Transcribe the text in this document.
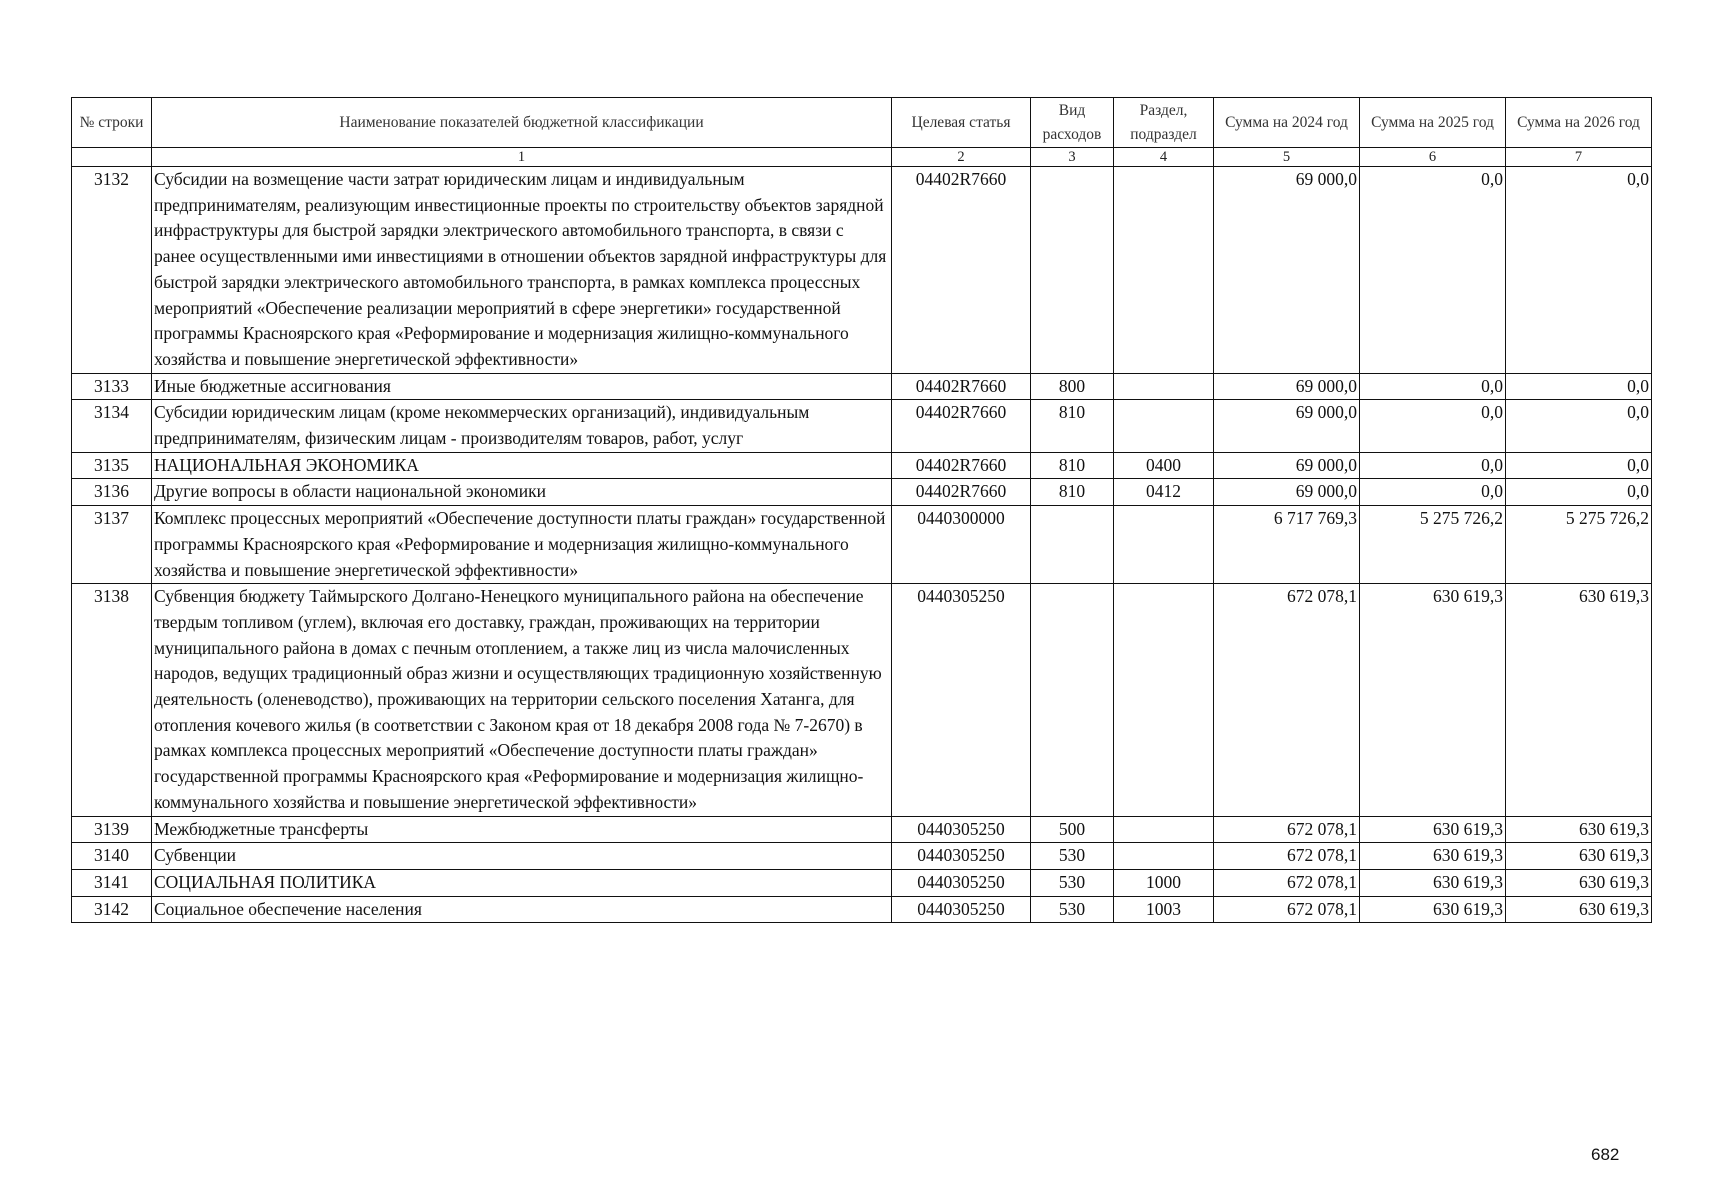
№ строки	Наименование показателей бюджетной классификации	Целевая статья	Вид расходов	Раздел, подраздел	Сумма на 2024 год	Сумма на 2025 год	Сумма на 2026 год
	1	2	3	4	5	6	7
3132	Субсидии на возмещение части затрат юридическим лицам и индивидуальным предпринимателям, реализующим инвестиционные проекты по строительству объектов зарядной инфраструктуры для быстрой зарядки электрического автомобильного транспорта, в связи с ранее осуществленными ими инвестициями в отношении объектов зарядной инфраструктуры для быстрой зарядки электрического автомобильного транспорта, в рамках комплекса процессных мероприятий «Обеспечение реализации мероприятий в сфере энергетики» государственной программы Красноярского края «Реформирование и модернизация жилищно-коммунального хозяйства и повышение энергетической эффективности»	04402R7660			69 000,0	0,0	0,0
3133	Иные бюджетные ассигнования	04402R7660	800		69 000,0	0,0	0,0
3134	Субсидии юридическим лицам (кроме некоммерческих организаций), индивидуальным предпринимателям, физическим лицам - производителям товаров, работ, услуг	04402R7660	810		69 000,0	0,0	0,0
3135	НАЦИОНАЛЬНАЯ ЭКОНОМИКА	04402R7660	810	0400	69 000,0	0,0	0,0
3136	Другие вопросы в области национальной экономики	04402R7660	810	0412	69 000,0	0,0	0,0
3137	Комплекс процессных мероприятий «Обеспечение доступности платы граждан» государственной программы Красноярского края «Реформирование и модернизация жилищно-коммунального хозяйства и повышение энергетической эффективности»	0440300000			6 717 769,3	5 275 726,2	5 275 726,2
3138	Субвенция бюджету Таймырского Долгано-Ненецкого муниципального района на обеспечение твердым топливом (углем), включая его доставку, граждан, проживающих на территории муниципального района в домах с печным отоплением, а также лиц из числа малочисленных народов, ведущих традиционный образ жизни и осуществляющих традиционную хозяйственную деятельность (оленеводство), проживающих на территории сельского поселения Хатанга, для отопления кочевого жилья (в соответствии с Законом края от 18 декабря 2008 года № 7-2670) в рамках комплекса процессных мероприятий «Обеспечение доступности платы граждан» государственной программы Красноярского края «Реформирование и модернизация жилищно-коммунального хозяйства и повышение энергетической эффективности»	0440305250			672 078,1	630 619,3	630 619,3
3139	Межбюджетные трансферты	0440305250	500		672 078,1	630 619,3	630 619,3
3140	Субвенции	0440305250	530		672 078,1	630 619,3	630 619,3
3141	СОЦИАЛЬНАЯ ПОЛИТИКА	0440305250	530	1000	672 078,1	630 619,3	630 619,3
3142	Социальное обеспечение населения	0440305250	530	1003	672 078,1	630 619,3	630 619,3
682
